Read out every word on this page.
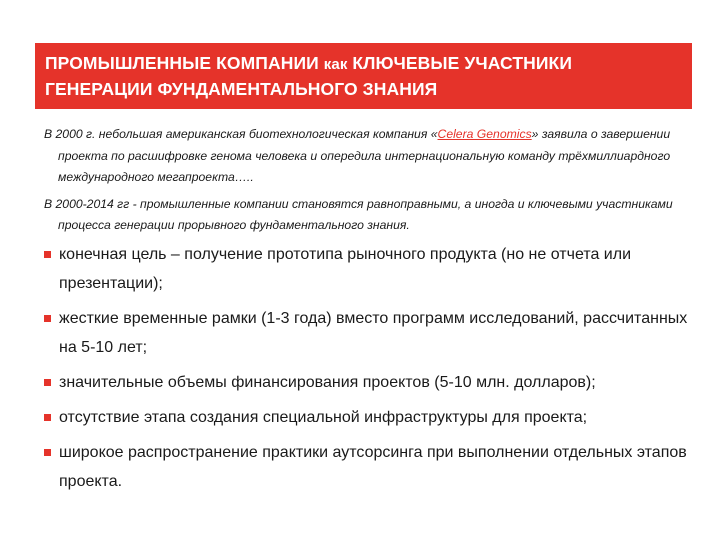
ПРОМЫШЛЕННЫЕ КОМПАНИИ как КЛЮЧЕВЫЕ УЧАСТНИКИ ГЕНЕРАЦИИ ФУНДАМЕНТАЛЬНОГО ЗНАНИЯ

В 2000 г. небольшая американская биотехнологическая компания «Celera Genomics» заявила о завершении проекта по расшифровке генома человека и опередила интернациональную команду трёхмиллиардного международного мегапроекта…..

В 2000-2014 гг - промышленные компании становятся равноправными, а иногда и ключевыми участниками процесса генерации прорывного фундаментального знания.

конечная цель – получение прототипа рыночного продукта (но не отчета или презентации);
жесткие временные рамки (1-3 года) вместо программ исследований, рассчитанных на 5-10 лет;
значительные объемы финансирования проектов (5-10 млн. долларов);
отсутствие этапа создания специальной инфраструктуры для проекта;
широкое распространение практики аутсорсинга при выполнении отдельных этапов проекта.
